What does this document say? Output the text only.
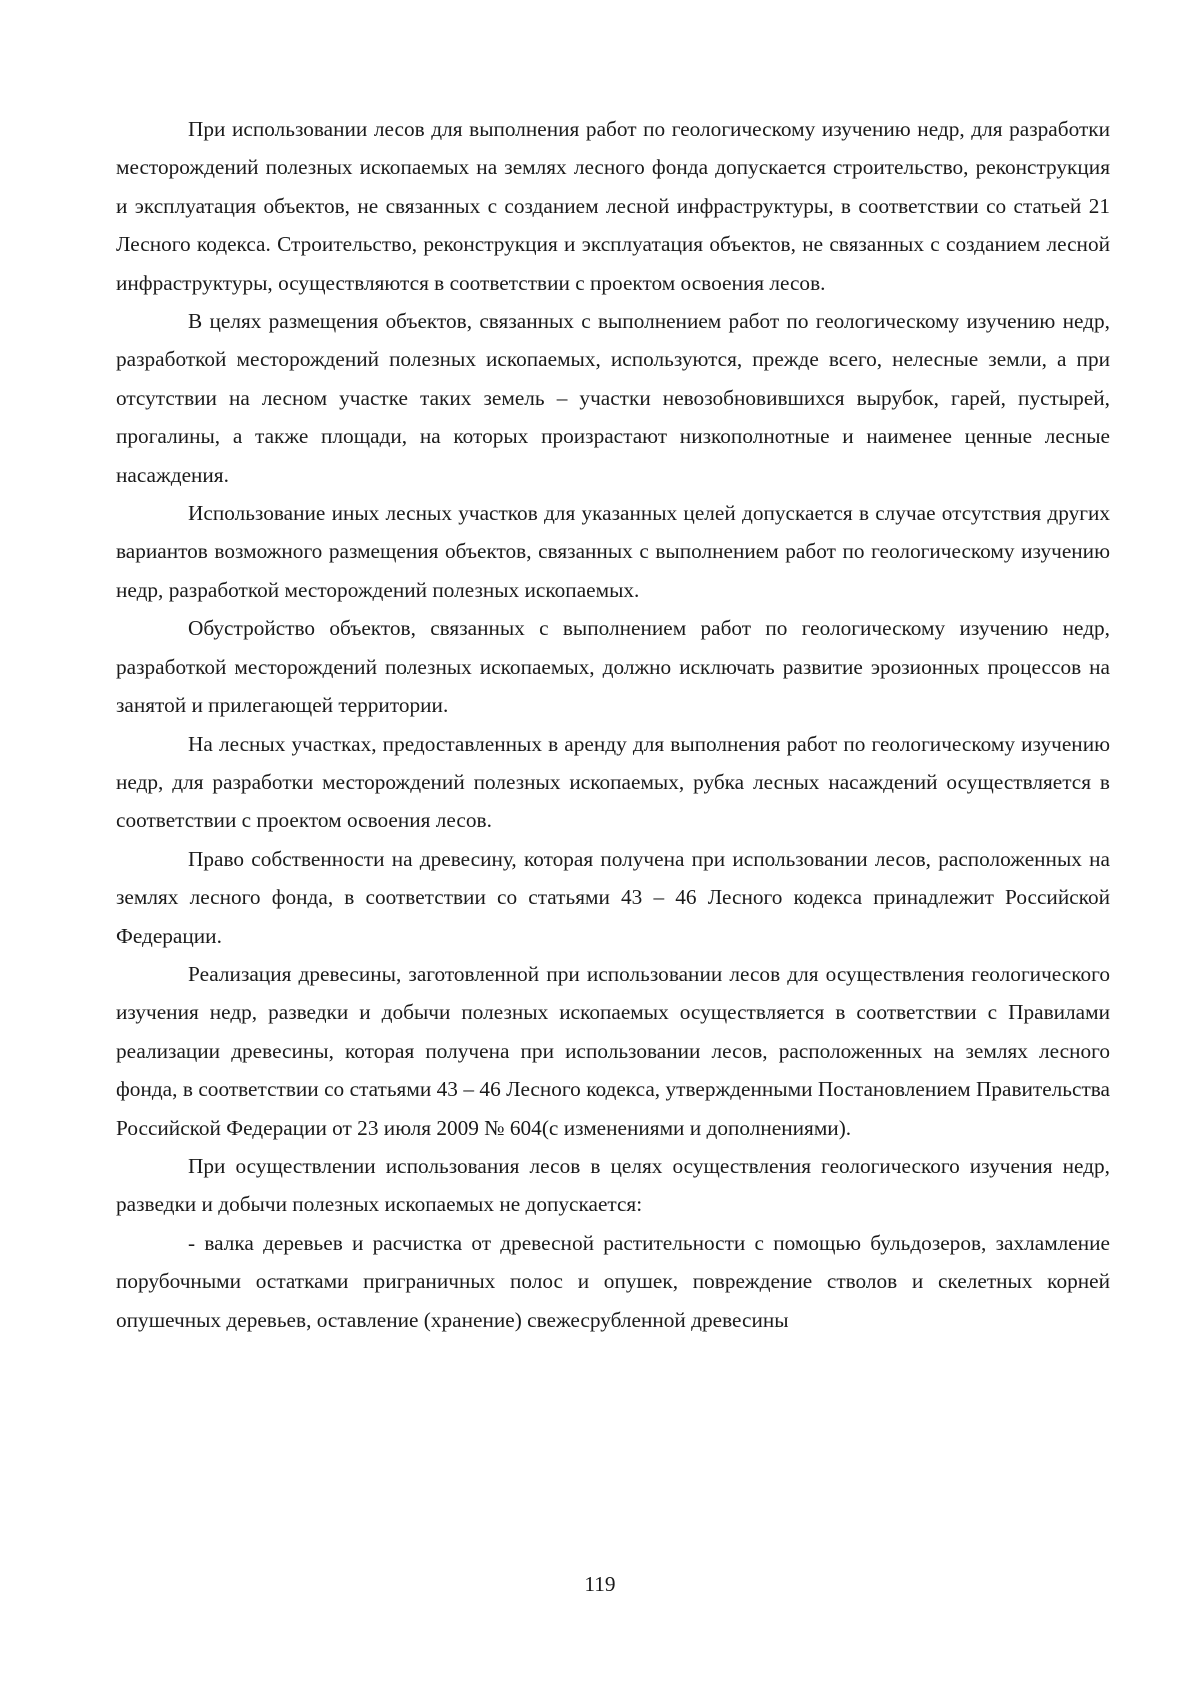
При использовании лесов для выполнения работ по геологическому изучению недр, для разработки месторождений полезных ископаемых на землях лесного фонда допускается строительство, реконструкция и эксплуатация объектов, не связанных с созданием лесной инфраструктуры, в соответствии со статьей 21 Лесного кодекса. Строительство, реконструкция и эксплуатация объектов, не связанных с созданием лесной инфраструктуры, осуществляются в соответствии с проектом освоения лесов.

В целях размещения объектов, связанных с выполнением работ по геологическому изучению недр, разработкой месторождений полезных ископаемых, используются, прежде всего, нелесные земли, а при отсутствии на лесном участке таких земель – участки невозобновившихся вырубок, гарей, пустырей, прогалины, а также площади, на которых произрастают низкополнотные и наименее ценные лесные насаждения.

Использование иных лесных участков для указанных целей допускается в случае отсутствия других вариантов возможного размещения объектов, связанных с выполнением работ по геологическому изучению недр, разработкой месторождений полезных ископаемых.

Обустройство объектов, связанных с выполнением работ по геологическому изучению недр, разработкой месторождений полезных ископаемых, должно исключать развитие эрозионных процессов на занятой и прилегающей территории.

На лесных участках, предоставленных в аренду для выполнения работ по геологическому изучению недр, для разработки месторождений полезных ископаемых, рубка лесных насаждений осуществляется в соответствии с проектом освоения лесов.

Право собственности на древесину, которая получена при использовании лесов, расположенных на землях лесного фонда, в соответствии со статьями 43 – 46 Лесного кодекса принадлежит Российской Федерации.

Реализация древесины, заготовленной при использовании лесов для осуществления геологического изучения недр, разведки и добычи полезных ископаемых осуществляется в соответствии с Правилами реализации древесины, которая получена при использовании лесов, расположенных на землях лесного фонда, в соответствии со статьями 43 – 46 Лесного кодекса, утвержденными Постановлением Правительства Российской Федерации от 23 июля 2009 № 604(с изменениями и дополнениями).

При осуществлении использования лесов в целях осуществления геологического изучения недр, разведки и добычи полезных ископаемых не допускается:

- валка деревьев и расчистка от древесной растительности с помощью бульдозеров, захламление порубочными остатками приграничных полос и опушек, повреждение стволов и скелетных корней опушечных деревьев, оставление (хранение) свежесрубленной древесины

119
